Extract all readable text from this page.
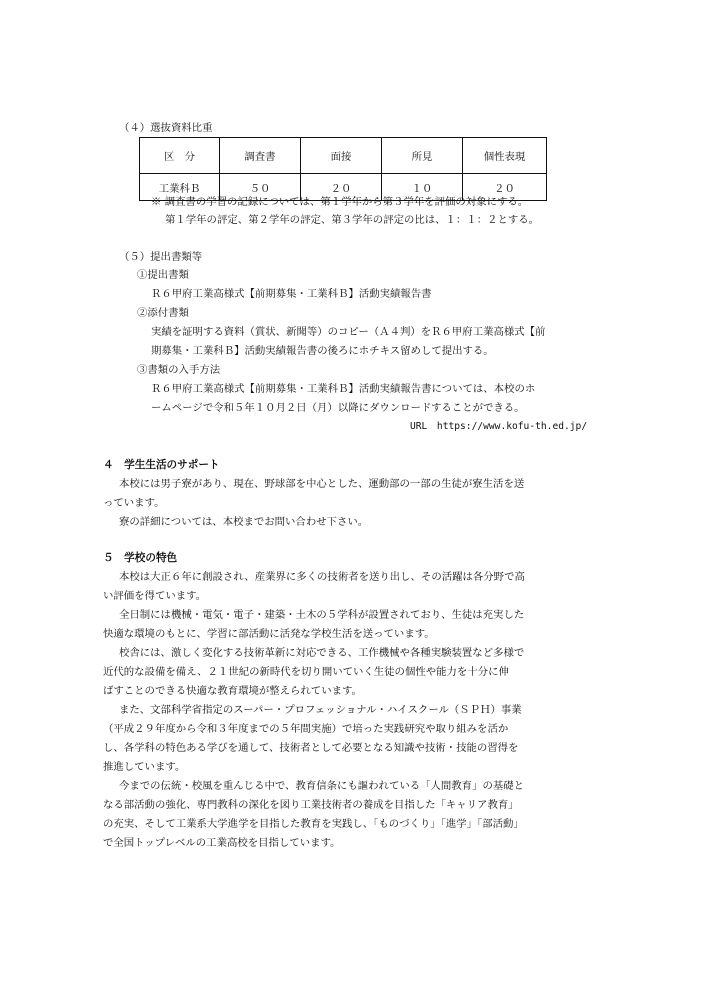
（４）選抜資料比重
区　分	調査書	面接	所見	個性表現
工業科Ｂ	５０	２０	１０	２０
※ 調査書の学習の記録については、第１学年から第３学年を評価の対象にする。
第１学年の評定、第２学年の評定、第３学年の評定の比は、１：１：２とする。
（５）提出書類等
①提出書類
Ｒ６甲府工業高様式【前期募集・工業科Ｂ】活動実績報告書
②添付書類
実績を証明する資料（賞状、新聞等）のコピー（Ａ４判）をＲ６甲府工業高様式【前
期募集・工業科Ｂ】活動実績報告書の後ろにホチキス留めして提出する。
③書類の入手方法
Ｒ６甲府工業高様式【前期募集・工業科Ｂ】活動実績報告書については、本校のホ
ームページで令和５年１０月２日（月）以降にダウンロードすることができる。
URL　https://www.kofu-th.ed.jp/
４　学生生活のサポート
本校には男子寮があり、現在、野球部を中心とした、運動部の一部の生徒が寮生活を送
っています。
寮の詳細については、本校までお問い合わせ下さい。
５　学校の特色
本校は大正６年に創設され、産業界に多くの技術者を送り出し、その活躍は各分野で高
い評価を得ています。
全日制には機械・電気・電子・建築・土木の５学科が設置されており、生徒は充実した
快適な環境のもとに、学習に部活動に活発な学校生活を送っています。
校舎には、激しく変化する技術革新に対応できる、工作機械や各種実験装置など多様で
近代的な設備を備え、２１世紀の新時代を切り開いていく生徒の個性や能力を十分に伸
ばすことのできる快適な教育環境が整えられています。
また、文部科学省指定のスーパー・プロフェッショナル・ハイスクール（ＳＰＨ）事業
（平成２９年度から令和３年度までの５年間実施）で培った実践研究や取り組みを活か
し、各学科の特色ある学びを通して、技術者として必要となる知識や技術・技能の習得を
推進しています。
今までの伝統・校風を重んじる中で、教育信条にも謳われている「人間教育」の基礎と
なる部活動の強化、専門教科の深化を図り工業技術者の養成を目指した「キャリア教育」
の充実、そして工業系大学進学を目指した教育を実践し、「ものづくり」「進学」「部活動」
で全国トップレベルの工業高校を目指しています。
